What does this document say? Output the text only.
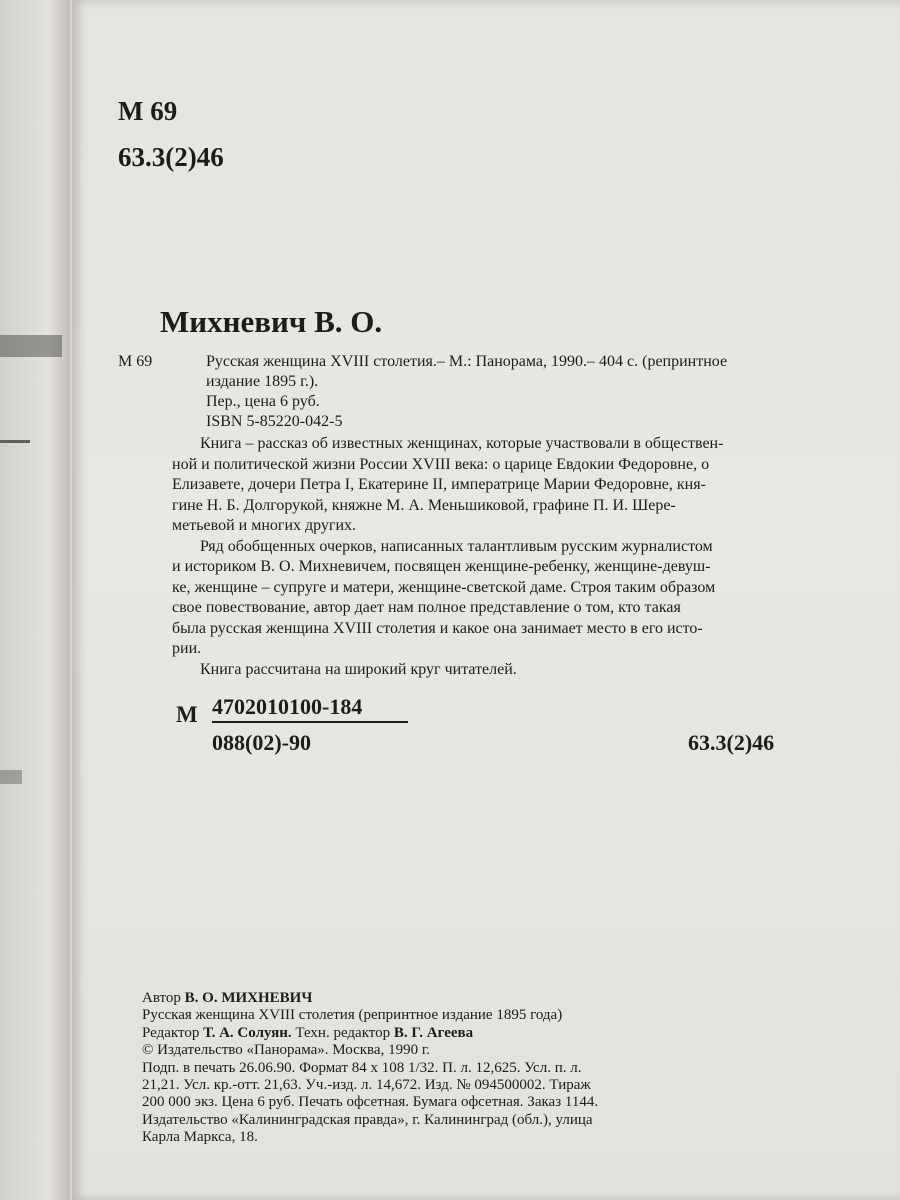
М 69
63.3(2)46
Михневич В. О.
М 69	Русская женщина XVIII столетия.– М.: Панорама, 1990.– 404 с. (репринтное
издание 1895 г.).
Пер., цена 6 руб.
ISBN 5-85220-042-5
Книга – рассказ об известных женщинах, которые участвовали в обществен-
ной и политической жизни России XVIII века: о царице Евдокии Федоровне, о
Елизавете, дочери Петра I, Екатерине II, императрице Марии Федоровне, кня-
гине Н. Б. Долгорукой, княжне М. А. Меньшиковой, графине П. И. Шере-
метьевой и многих других.
Ряд обобщенных очерков, написанных талантливым русским журналистом
и историком В. О. Михневичем, посвящен женщине-ребенку, женщине-девуш-
ке, женщине – супруге и матери, женщине-светской даме. Строя таким образом
свое повествование, автор дает нам полное представление о том, кто такая
была русская женщина XVIII столетия и какое она занимает место в его исто-
рии.
Книга рассчитана на широкий круг читателей.
М 4702010100-184
088(02)-90	63.3(2)46
Автор В. О. МИХНЕВИЧ
Русская женщина XVIII столетия (репринтное издание 1895 года)
Редактор Т. А. Солуян. Техн. редактор В. Г. Агеева
© Издательство «Панорама». Москва, 1990 г.
Подп. в печать 26.06.90. Формат 84 х 108 1/32. П. л. 12,625. Усл. п. л.
21,21. Усл. кр.-отт. 21,63. Уч.-изд. л. 14,672. Изд. № 094500002. Тираж
200 000 экз. Цена 6 руб. Печать офсетная. Бумага офсетная. Заказ 1144.
Издательство «Калининградская правда», г. Калининград (обл.), улица
Карла Маркса, 18.
